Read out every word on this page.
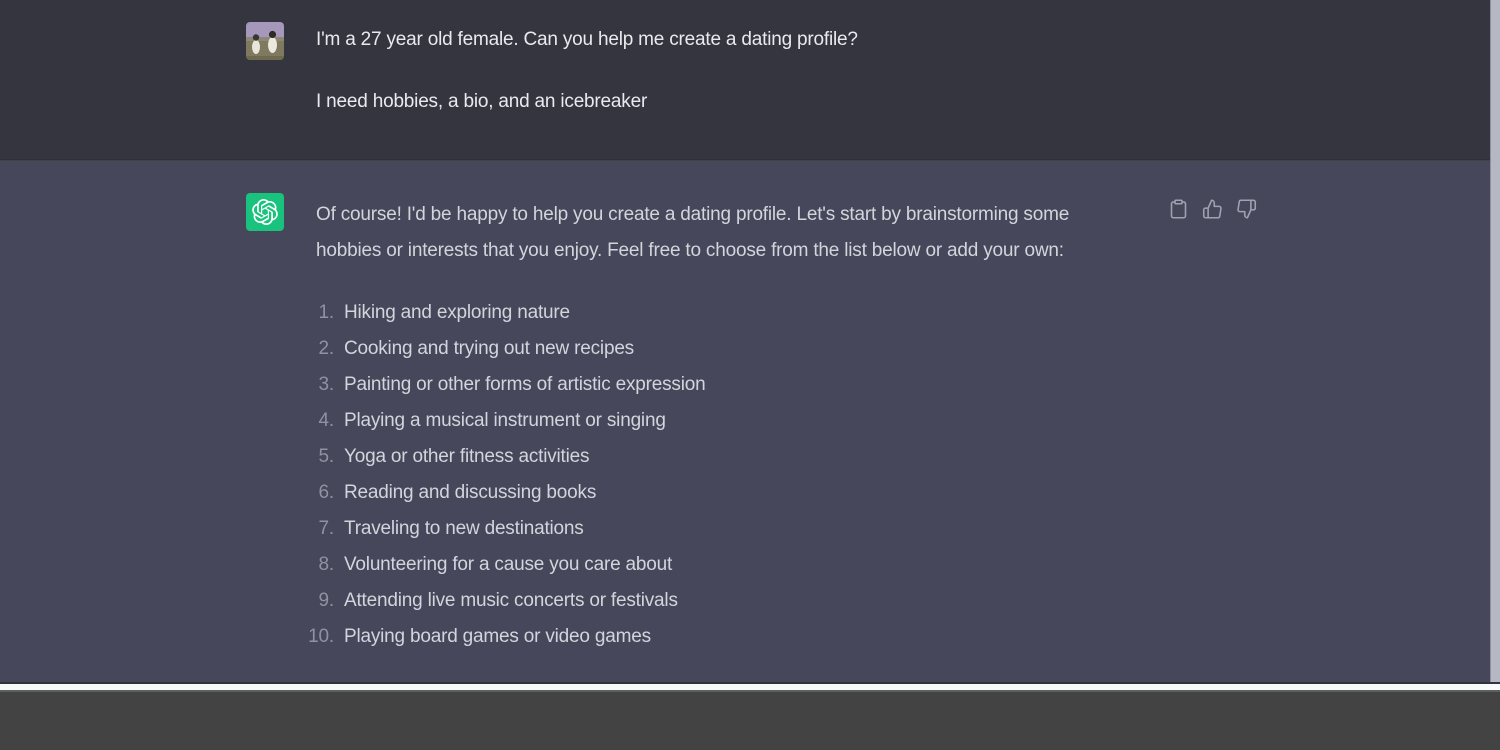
I'm a 27 year old female. Can you help me create a dating profile?
I need hobbies, a bio, and an icebreaker
Of course! I'd be happy to help you create a dating profile. Let's start by brainstorming some
hobbies or interests that you enjoy. Feel free to choose from the list below or add your own:
1. Hiking and exploring nature
2. Cooking and trying out new recipes
3. Painting or other forms of artistic expression
4. Playing a musical instrument or singing
5. Yoga or other fitness activities
6. Reading and discussing books
7. Traveling to new destinations
8. Volunteering for a cause you care about
9. Attending live music concerts or festivals
10. Playing board games or video games
